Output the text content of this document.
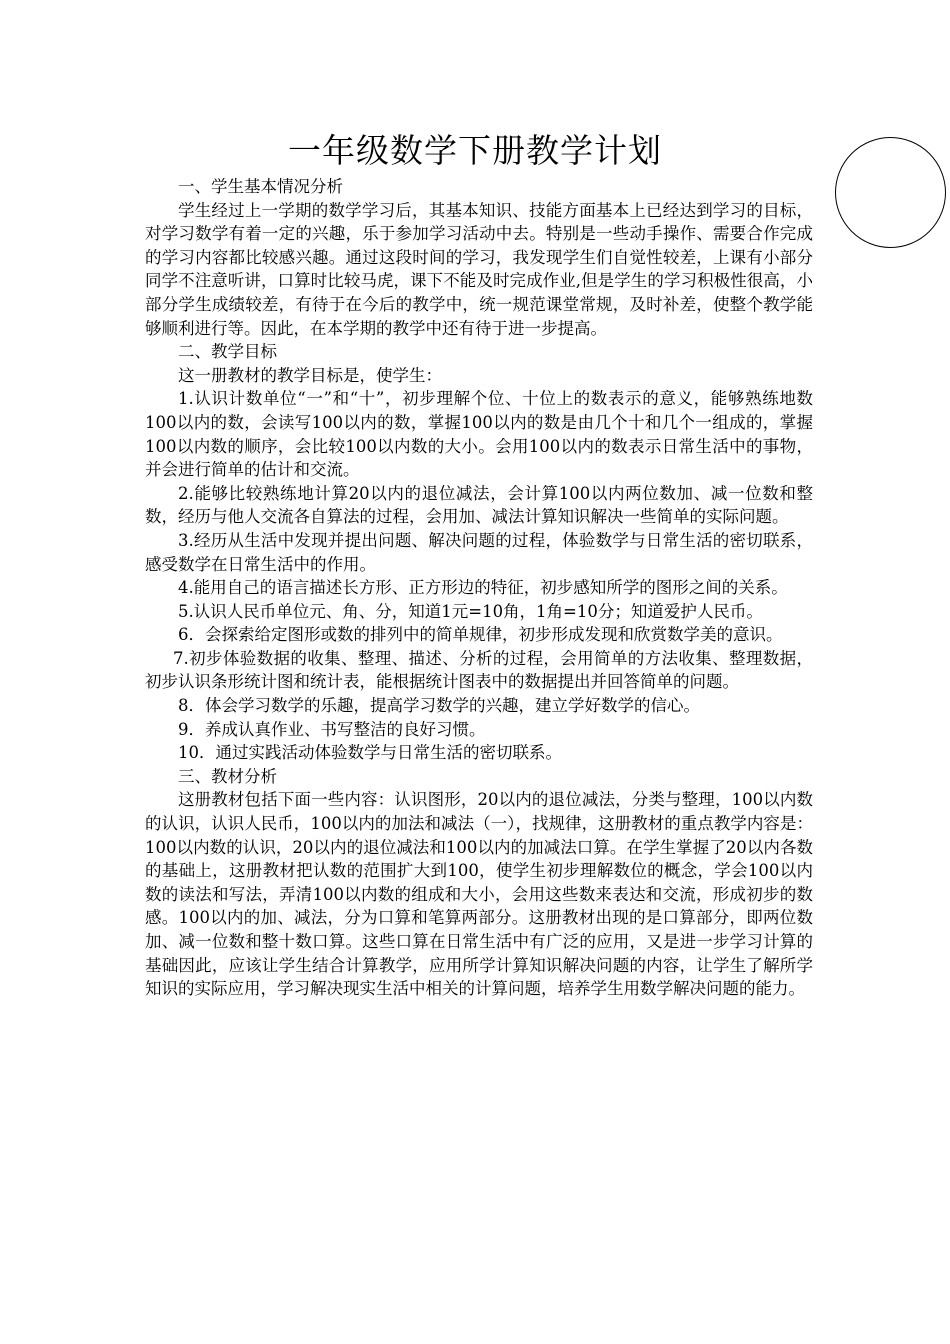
一年级数学下册教学计划

一、学生基本情况分析

学生经过上一学期的数学学习后，其基本知识、技能方面基本上已经达到学习的目标，对学习数学有着一定的兴趣，乐于参加学习活动中去。特别是一些动手操作、需要合作完成的学习内容都比较感兴趣。通过这段时间的学习，我发现学生们自觉性较差，上课有小部分同学不注意听讲，口算时比较马虎，课下不能及时完成作业,但是学生的学习积极性很高，小部分学生成绩较差，有待于在今后的教学中，统一规范课堂常规，及时补差，使整个教学能够顺利进行等。因此，在本学期的教学中还有待于进一步提高。

二、教学目标

这一册教材的教学目标是，使学生：

1.认识计数单位“一”和“十”，初步理解个位、十位上的数表示的意义，能够熟练地数100以内的数，会读写100以内的数，掌握100以内的数是由几个十和几个一组成的，掌握100以内数的顺序，会比较100以内数的大小。会用100以内的数表示日常生活中的事物，并会进行简单的估计和交流。

2.能够比较熟练地计算20以内的退位减法，会计算100以内两位数加、减一位数和整数，经历与他人交流各自算法的过程，会用加、减法计算知识解决一些简单的实际问题。

3.经历从生活中发现并提出问题、解决问题的过程，体验数学与日常生活的密切联系，感受数学在日常生活中的作用。

4.能用自己的语言描述长方形、正方形边的特征，初步感知所学的图形之间的关系。

5.认识人民币单位元、角、分，知道1元=10角，1角=10分；知道爱护人民币。

6．会探索给定图形或数的排列中的简单规律，初步形成发现和欣赏数学美的意识。

7.初步体验数据的收集、整理、描述、分析的过程，会用简单的方法收集、整理数据，初步认识条形统计图和统计表，能根据统计图表中的数据提出并回答简单的问题。

8．体会学习数学的乐趣，提高学习数学的兴趣，建立学好数学的信心。

9．养成认真作业、书写整洁的良好习惯。

10．通过实践活动体验数学与日常生活的密切联系。

三、教材分析

这册教材包括下面一些内容：认识图形，20以内的退位减法，分类与整理，100以内数的认识，认识人民币，100以内的加法和减法（一），找规律，这册教材的重点教学内容是：100以内数的认识，20以内的退位减法和100以内的加减法口算。在学生掌握了20以内各数的基础上，这册教材把认数的范围扩大到100，使学生初步理解数位的概念，学会100以内数的读法和写法，弄清100以内数的组成和大小，会用这些数来表达和交流，形成初步的数感。100以内的加、减法，分为口算和笔算两部分。这册教材出现的是口算部分，即两位数加、减一位数和整十数口算。这些口算在日常生活中有广泛的应用，又是进一步学习计算的基础因此，应该让学生结合计算教学，应用所学计算知识解决问题的内容，让学生了解所学知识的实际应用，学习解决现实生活中相关的计算问题，培养学生用数学解决问题的能力。
